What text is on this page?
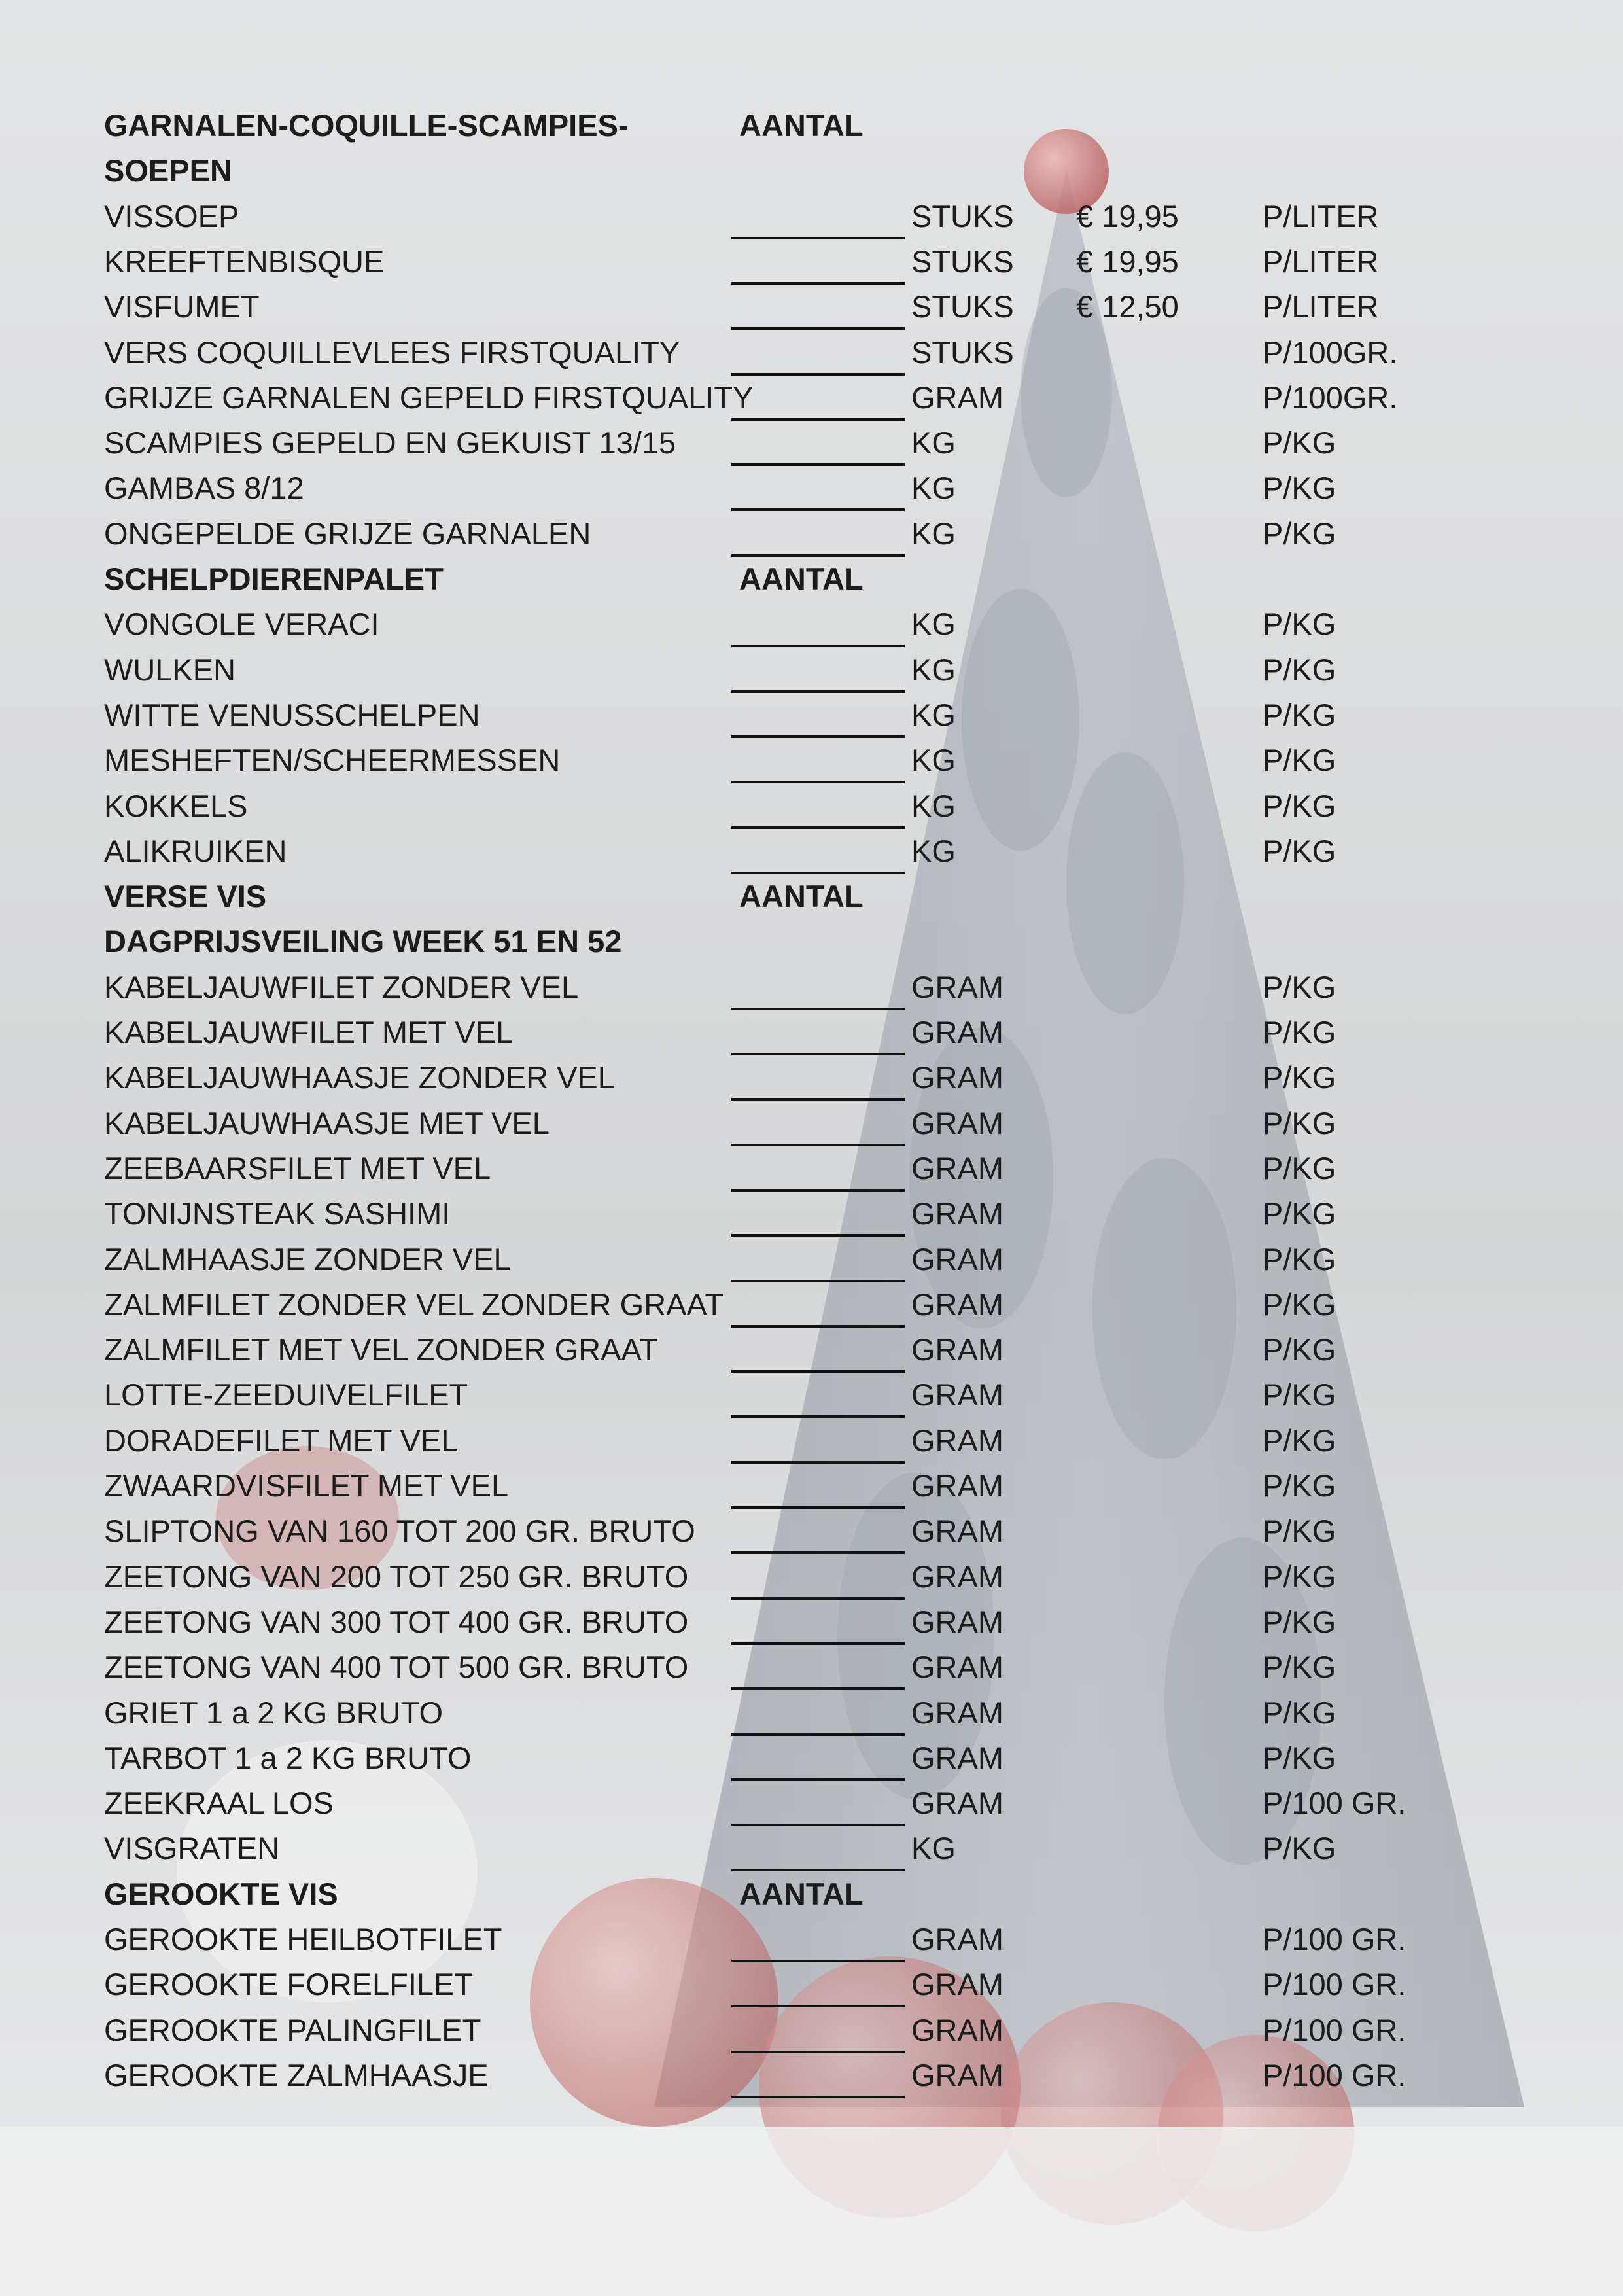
GARNALEN-COQUILLE-SCAMPIES-	AANTAL
SOEPEN
VISSOEP	STUKS € 19,95	P/LITER
KREEFTENBISQUE	STUKS € 19,95	P/LITER
VISFUMET	STUKS € 12,50	P/LITER
VERS COQUILLEVLEES FIRSTQUALITY	STUKS	P/100GR.
GRIJZE GARNALEN GEPELD FIRSTQUALITY	GRAM	P/100GR.
SCAMPIES GEPELD EN GEKUIST 13/15	KG	P/KG
GAMBAS 8/12	KG	P/KG
ONGEPELDE GRIJZE GARNALEN	KG	P/KG
SCHELPDIERENPALET	AANTAL
VONGOLE VERACI	KG	P/KG
WULKEN	KG	P/KG
WITTE VENUSSCHELPEN	KG	P/KG
MESHEFTEN/SCHEERMESSEN	KG	P/KG
KOKKELS	KG	P/KG
ALIKRUIKEN	KG	P/KG
VERSE VIS	AANTAL
DAGPRIJSVEILING WEEK 51 EN 52
KABELJAUWFILET ZONDER VEL	GRAM	P/KG
KABELJAUWFILET MET VEL	GRAM	P/KG
KABELJAUWHAASJE ZONDER VEL	GRAM	P/KG
KABELJAUWHAASJE MET VEL	GRAM	P/KG
ZEEBAARSFILET MET VEL	GRAM	P/KG
TONIJNSTEAK SASHIMI	GRAM	P/KG
ZALMHAASJE ZONDER VEL	GRAM	P/KG
ZALMFILET ZONDER VEL ZONDER GRAAT	GRAM	P/KG
ZALMFILET MET VEL ZONDER GRAAT	GRAM	P/KG
LOTTE-ZEEDUIVELFILET	GRAM	P/KG
DORADEFILET MET VEL	GRAM	P/KG
ZWAARDVISFILET MET VEL	GRAM	P/KG
SLIPTONG VAN 160 TOT 200 GR. BRUTO	GRAM	P/KG
ZEETONG VAN 200 TOT 250 GR. BRUTO	GRAM	P/KG
ZEETONG VAN 300 TOT 400 GR. BRUTO	GRAM	P/KG
ZEETONG VAN 400 TOT 500 GR. BRUTO	GRAM	P/KG
GRIET 1 a 2 KG BRUTO	GRAM	P/KG
TARBOT 1 a 2 KG BRUTO	GRAM	P/KG
ZEEKRAAL LOS	GRAM	P/100 GR.
VISGRATEN	KG	P/KG
GEROOKTE VIS	AANTAL
GEROOKTE HEILBOTFILET	GRAM	P/100 GR.
GEROOKTE FORELFILET	GRAM	P/100 GR.
GEROOKTE PALINGFILET	GRAM	P/100 GR.
GEROOKTE ZALMHAASJE	GRAM	P/100 GR.
